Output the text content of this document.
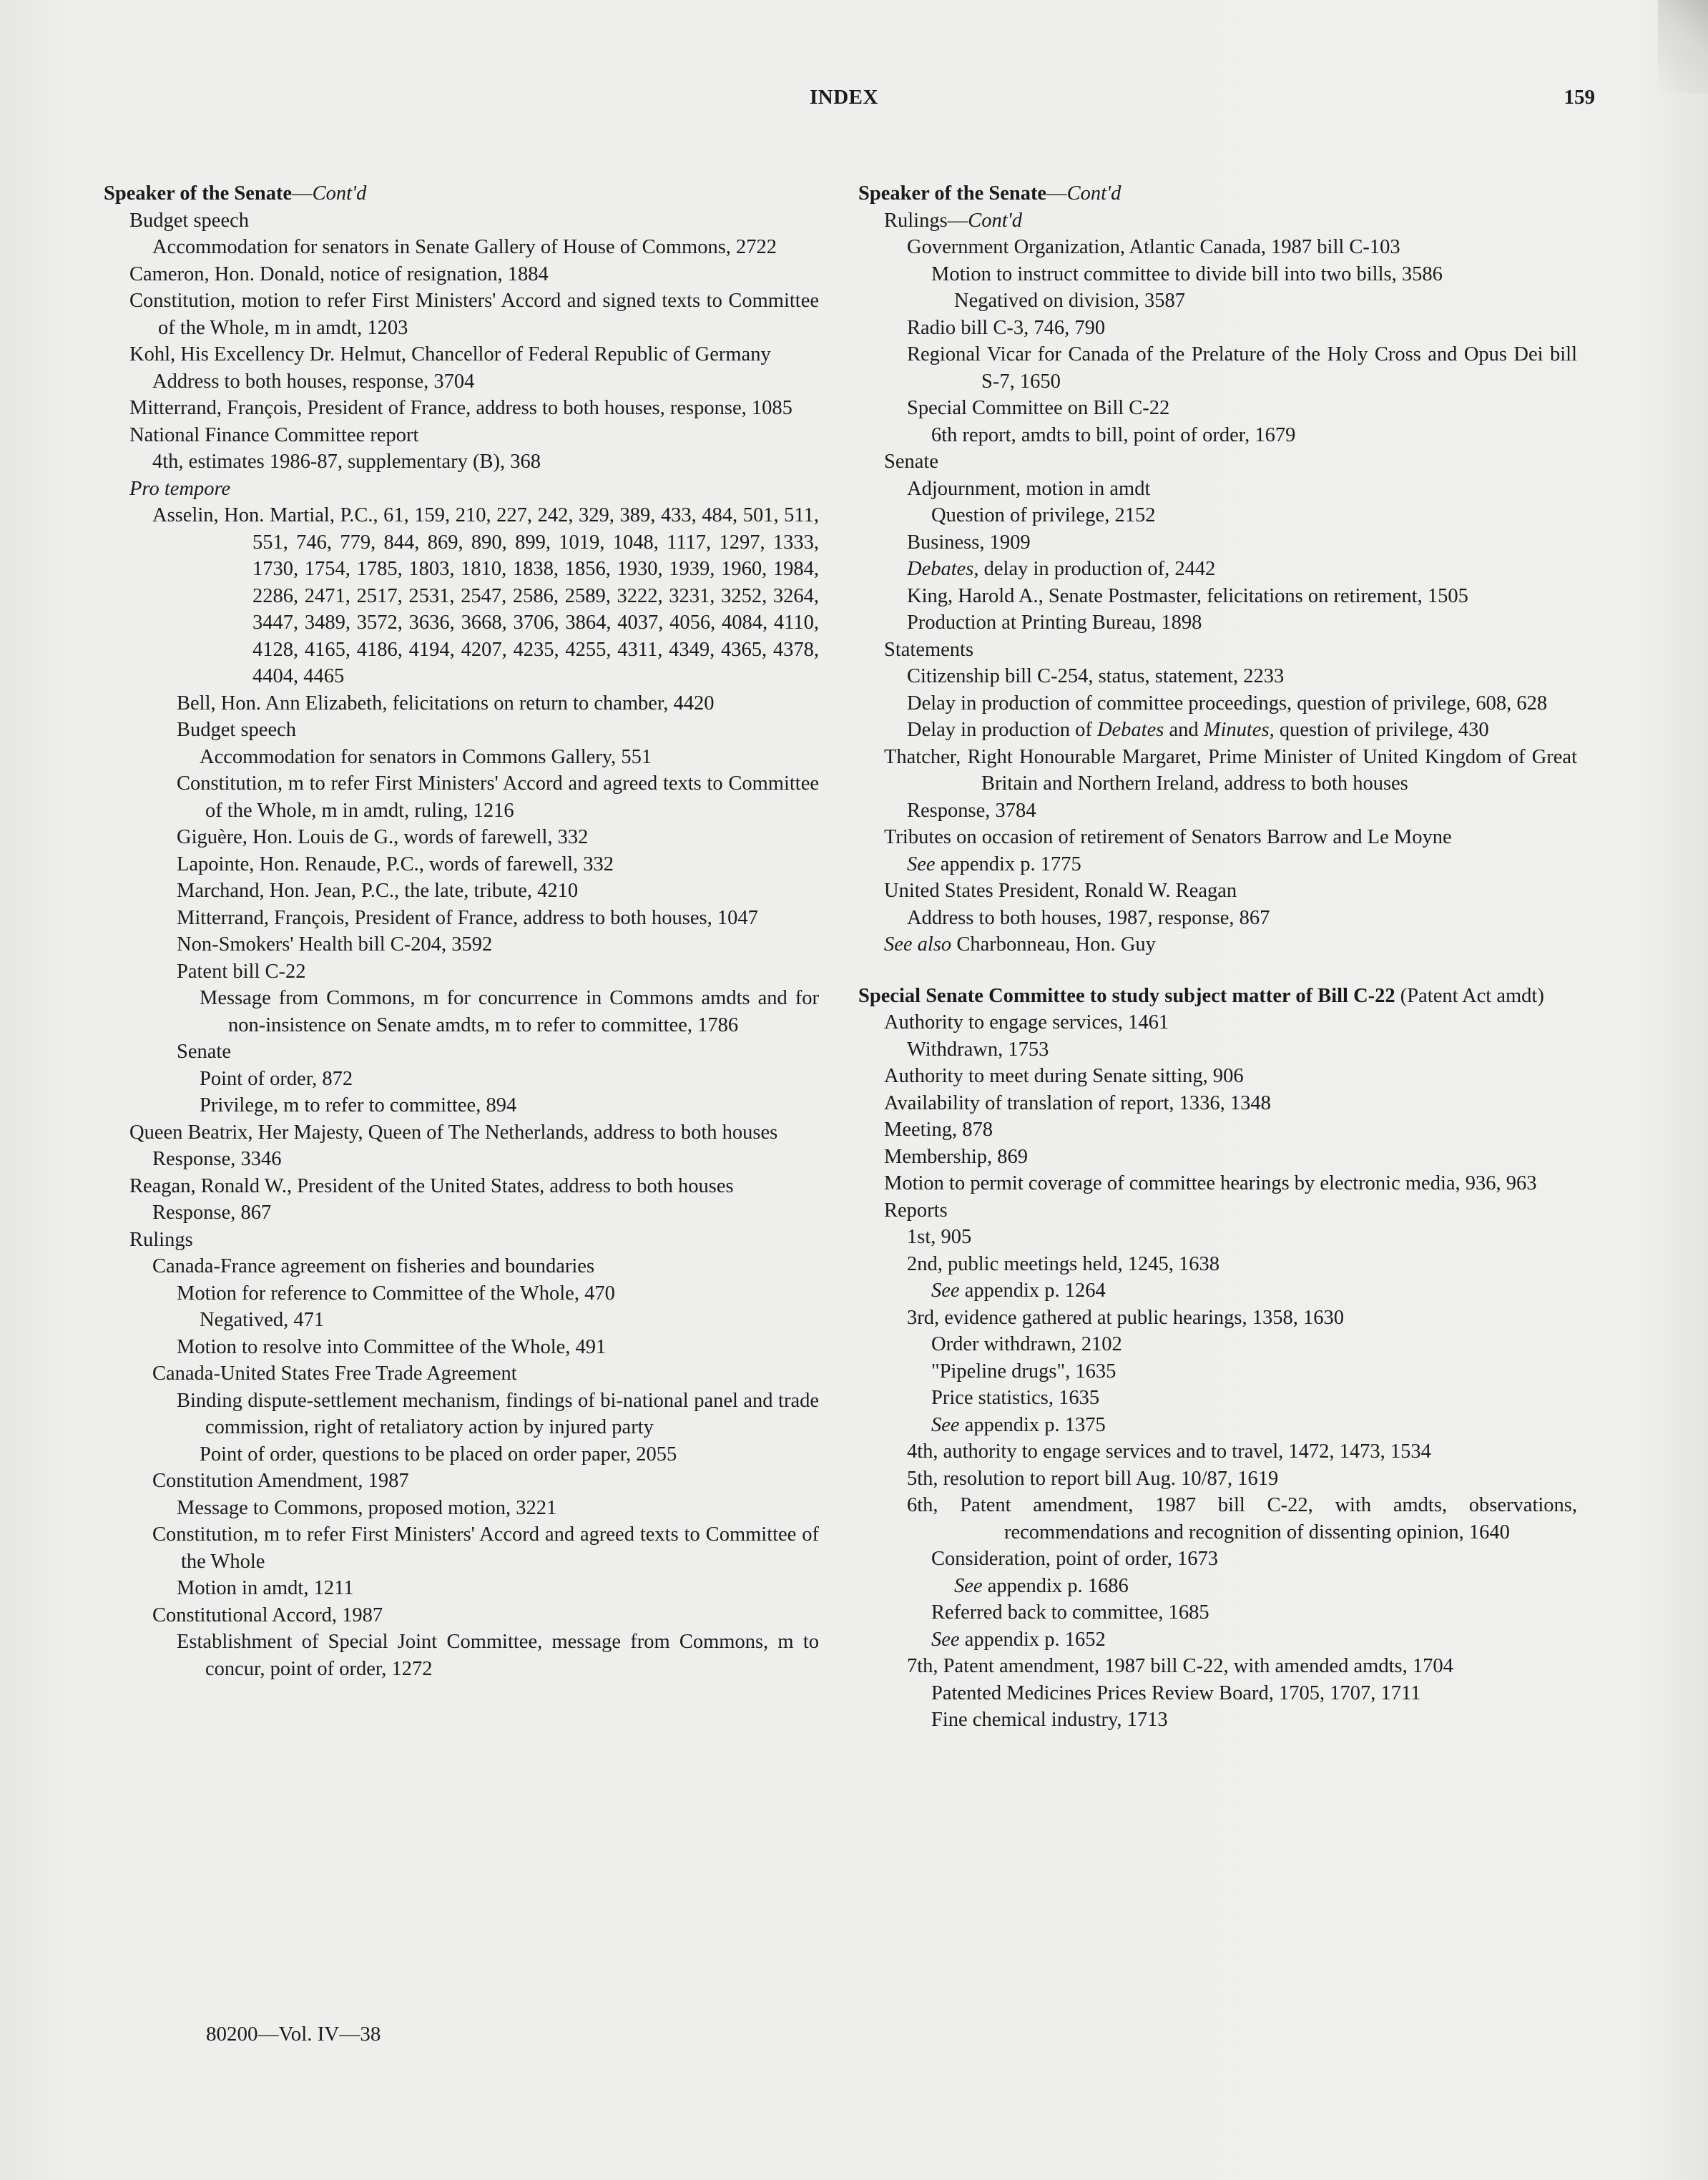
INDEX	159

Speaker of the Senate—Cont'd

Budget speech

Accommodation for senators in Senate Gallery of House of Commons, 2722

Cameron, Hon. Donald, notice of resignation, 1884

Constitution, motion to refer First Ministers' Accord and signed texts to Committee of the Whole, m in amdt, 1203

Kohl, His Excellency Dr. Helmut, Chancellor of Federal Republic of Germany

Address to both houses, response, 3704

Mitterrand, François, President of France, address to both houses, response, 1085

National Finance Committee report

4th, estimates 1986-87, supplementary (B), 368

Pro tempore

Asselin, Hon. Martial, P.C., 61, 159, 210, 227, 242, 329, 389, 433, 484, 501, 511, 551, 746, 779, 844, 869, 890, 899, 1019, 1048, 1117, 1297, 1333, 1730, 1754, 1785, 1803, 1810, 1838, 1856, 1930, 1939, 1960, 1984, 2286, 2471, 2517, 2531, 2547, 2586, 2589, 3222, 3231, 3252, 3264, 3447, 3489, 3572, 3636, 3668, 3706, 3864, 4037, 4056, 4084, 4110, 4128, 4165, 4186, 4194, 4207, 4235, 4255, 4311, 4349, 4365, 4378, 4404, 4465

Bell, Hon. Ann Elizabeth, felicitations on return to chamber, 4420

Budget speech

Accommodation for senators in Commons Gallery, 551

Constitution, m to refer First Ministers' Accord and agreed texts to Committee of the Whole, m in amdt, ruling, 1216

Giguère, Hon. Louis de G., words of farewell, 332

Lapointe, Hon. Renaude, P.C., words of farewell, 332

Marchand, Hon. Jean, P.C., the late, tribute, 4210

Mitterrand, François, President of France, address to both houses, 1047

Non-Smokers' Health bill C-204, 3592

Patent bill C-22

Message from Commons, m for concurrence in Commons amdts and for non-insistence on Senate amdts, m to refer to committee, 1786

Senate

Point of order, 872

Privilege, m to refer to committee, 894

Queen Beatrix, Her Majesty, Queen of The Netherlands, address to both houses

Response, 3346

Reagan, Ronald W., President of the United States, address to both houses

Response, 867

Rulings

Canada-France agreement on fisheries and boundaries

Motion for reference to Committee of the Whole, 470

Negatived, 471

Motion to resolve into Committee of the Whole, 491

Canada-United States Free Trade Agreement

Binding dispute-settlement mechanism, findings of bi-national panel and trade commission, right of retaliatory action by injured party

Point of order, questions to be placed on order paper, 2055

Constitution Amendment, 1987

Message to Commons, proposed motion, 3221

Constitution, m to refer First Ministers' Accord and agreed texts to Committee of the Whole

Motion in amdt, 1211

Constitutional Accord, 1987

Establishment of Special Joint Committee, message from Commons, m to concur, point of order, 1272

Speaker of the Senate—Cont'd

Rulings—Cont'd

Government Organization, Atlantic Canada, 1987 bill C-103

Motion to instruct committee to divide bill into two bills, 3586

Negatived on division, 3587

Radio bill C-3, 746, 790

Regional Vicar for Canada of the Prelature of the Holy Cross and Opus Dei bill S-7, 1650

Special Committee on Bill C-22

6th report, amdts to bill, point of order, 1679

Senate

Adjournment, motion in amdt

Question of privilege, 2152

Business, 1909

Debates, delay in production of, 2442

King, Harold A., Senate Postmaster, felicitations on retirement, 1505

Production at Printing Bureau, 1898

Statements

Citizenship bill C-254, status, statement, 2233

Delay in production of committee proceedings, question of privilege, 608, 628

Delay in production of Debates and Minutes, question of privilege, 430

Thatcher, Right Honourable Margaret, Prime Minister of United Kingdom of Great Britain and Northern Ireland, address to both houses

Response, 3784

Tributes on occasion of retirement of Senators Barrow and Le Moyne

See appendix p. 1775

United States President, Ronald W. Reagan

Address to both houses, 1987, response, 867

See also Charbonneau, Hon. Guy

Special Senate Committee to study subject matter of Bill C-22 (Patent Act amdt)

Authority to engage services, 1461

Withdrawn, 1753

Authority to meet during Senate sitting, 906

Availability of translation of report, 1336, 1348

Meeting, 878

Membership, 869

Motion to permit coverage of committee hearings by electronic media, 936, 963

Reports

1st, 905

2nd, public meetings held, 1245, 1638

See appendix p. 1264

3rd, evidence gathered at public hearings, 1358, 1630

Order withdrawn, 2102

"Pipeline drugs", 1635

Price statistics, 1635

See appendix p. 1375

4th, authority to engage services and to travel, 1472, 1473, 1534

5th, resolution to report bill Aug. 10/87, 1619

6th, Patent amendment, 1987 bill C-22, with amdts, observations, recommendations and recognition of dissenting opinion, 1640

Consideration, point of order, 1673

See appendix p. 1686

Referred back to committee, 1685

See appendix p. 1652

7th, Patent amendment, 1987 bill C-22, with amended amdts, 1704

Patented Medicines Prices Review Board, 1705, 1707, 1711

Fine chemical industry, 1713

80200—Vol. IV—38
